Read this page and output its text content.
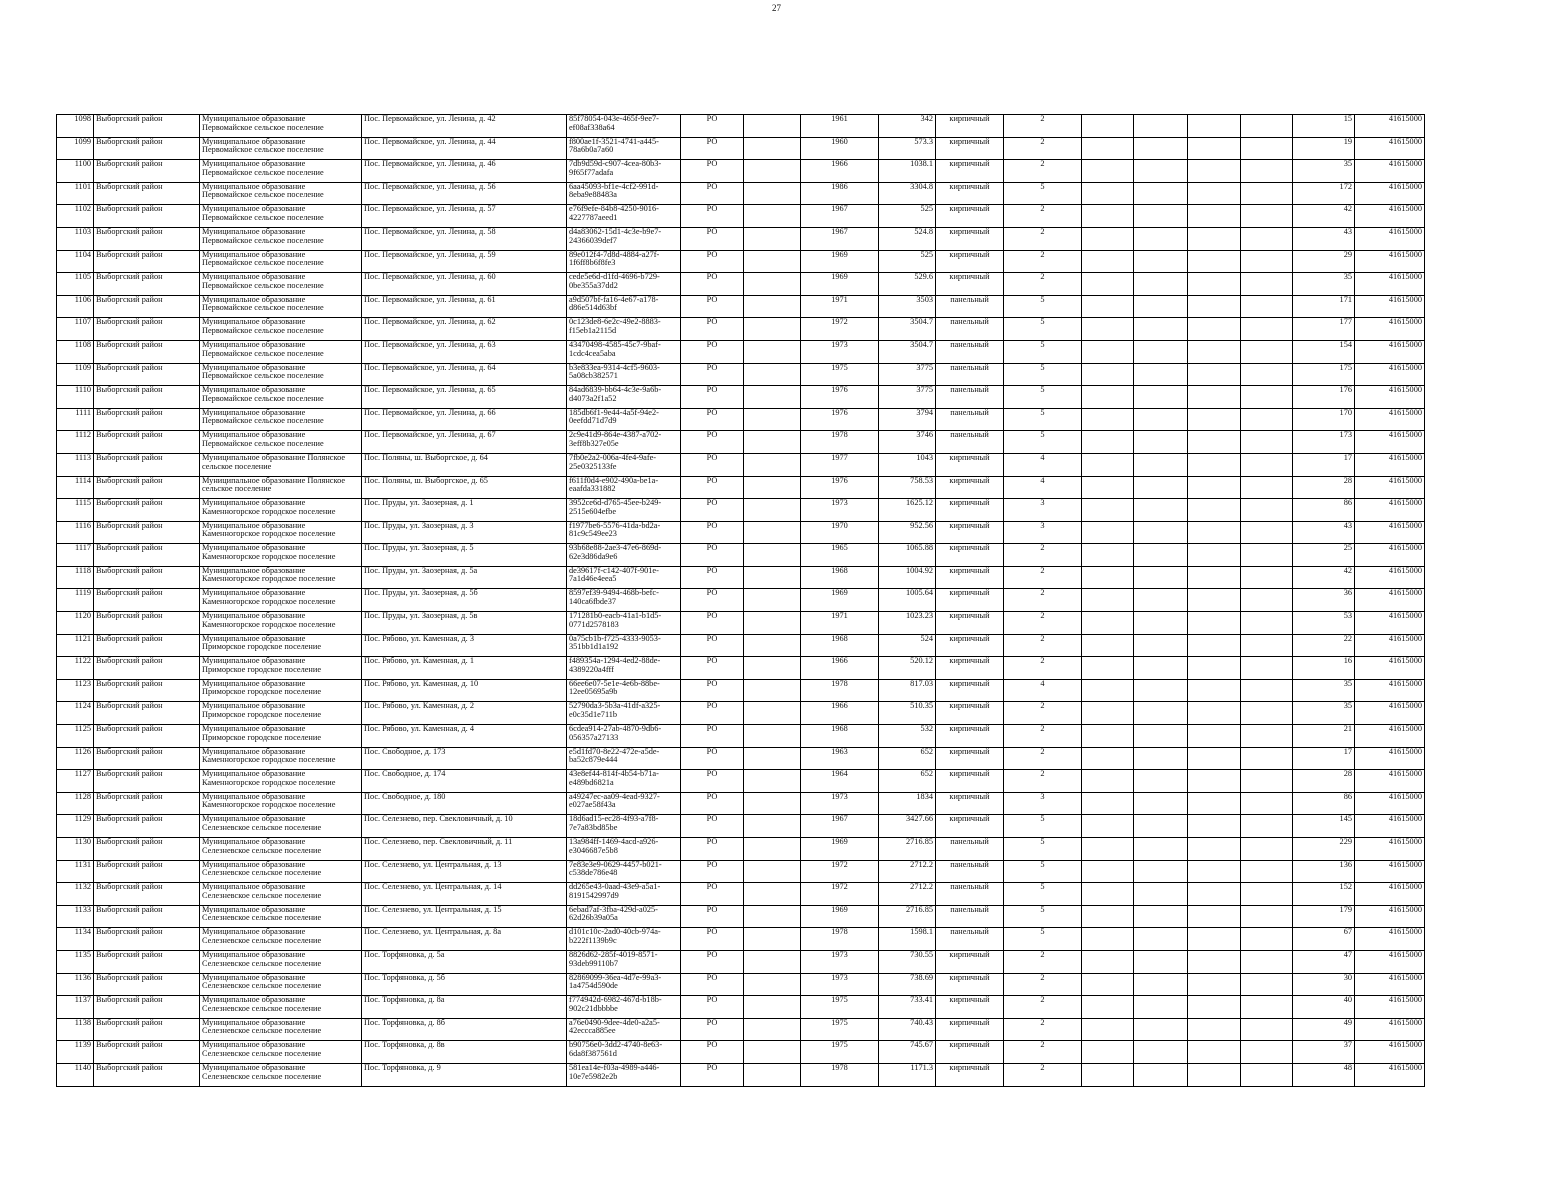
27
1098	Выборгский район	Муниципальное образование
Первомайское сельское поселение	Пос. Первомайское, ул. Ленина, д. 42	85f78054-043e-465f-9ee7-
ef08af338a64	РО		1961	342	кирпичный	2					15	41615000
1099	Выборгский район	Муниципальное образование
Первомайское сельское поселение	Пос. Первомайское, ул. Ленина, д. 44	f800ae1f-3521-4741-a445-
78a6b0a7a60	РО		1960	573.3	кирпичный	2					19	41615000
1100	Выборгский район	Муниципальное образование
Первомайское сельское поселение	Пос. Первомайское, ул. Ленина, д. 46	7db9d59d-c907-4cea-80b3-
9f65f77adafa	РО		1966	1038.1	кирпичный	2					35	41615000
1101	Выборгский район	Муниципальное образование
Первомайское сельское поселение	Пос. Первомайское, ул. Ленина, д. 56	6aa45093-bf1e-4cf2-991d-
8eba9e88483a	РО		1986	3304.8	кирпичный	5					172	41615000
1102	Выборгский район	Муниципальное образование
Первомайское сельское поселение	Пос. Первомайское, ул. Ленина, д. 57	e76f9efe-84b8-4250-9016-
4227787aeed1	РО		1967	525	кирпичный	2					42	41615000
1103	Выборгский район	Муниципальное образование
Первомайское сельское поселение	Пос. Первомайское, ул. Ленина, д. 58	d4a83062-15d1-4c3e-b9e7-
24366039def7	РО		1967	524.8	кирпичный	2					43	41615000
1104	Выборгский район	Муниципальное образование
Первомайское сельское поселение	Пос. Первомайское, ул. Ленина, д. 59	89e012f4-7d8d-4884-a27f-
1f6ff8b6f8fe3	РО		1969	525	кирпичный	2					29	41615000
1105	Выборгский район	Муниципальное образование
Первомайское сельское поселение	Пос. Первомайское, ул. Ленина, д. 60	cede5e6d-d1fd-4696-b729-
0be355a37dd2	РО		1969	529.6	кирпичный	2					35	41615000
1106	Выборгский район	Муниципальное образование
Первомайское сельское поселение	Пос. Первомайское, ул. Ленина, д. 61	a9d507bf-fa16-4e67-a178-
d86e514d63bf	РО		1971	3503	панельный	5					171	41615000
1107	Выборгский район	Муниципальное образование
Первомайское сельское поселение	Пос. Первомайское, ул. Ленина, д. 62	0c123de8-6e2c-49e2-8883-
f15eb1a2115d	РО		1972	3504.7	панельный	5					177	41615000
1108	Выборгский район	Муниципальное образование
Первомайское сельское поселение	Пос. Первомайское, ул. Ленина, д. 63	43470498-4585-45c7-9baf-
1cdc4cea5aba	РО		1973	3504.7	панельный	5					154	41615000
1109	Выборгский район	Муниципальное образование
Первомайское сельское поселение	Пос. Первомайское, ул. Ленина, д. 64	b3e833ea-9314-4cf5-9603-
5a08cb382571	РО		1975	3775	панельный	5					175	41615000
1110	Выборгский район	Муниципальное образование
Первомайское сельское поселение	Пос. Первомайское, ул. Ленина, д. 65	84ad6839-bb64-4c3e-9a6b-
d4073a2f1a52	РО		1976	3775	панельный	5					176	41615000
1111	Выборгский район	Муниципальное образование
Первомайское сельское поселение	Пос. Первомайское, ул. Ленина, д. 66	185db6f1-9e44-4a5f-94e2-
0eefdd71d7d9	РО		1976	3794	панельный	5					170	41615000
1112	Выборгский район	Муниципальное образование
Первомайское сельское поселение	Пос. Первомайское, ул. Ленина, д. 67	2c9e41d9-864e-4387-a702-
3eff8b327e05e	РО		1978	3746	панельный	5					173	41615000
1113	Выборгский район	Муниципальное образование Полянское
сельское поселение	Пос. Поляны, ш. Выборгское, д. 64	7fb0e2a2-006a-4fe4-9afe-
25e0325133fe	РО		1977	1043	кирпичный	4					17	41615000
1114	Выборгский район	Муниципальное образование Полянское
сельское поселение	Пос. Поляны, ш. Выборгское, д. 65	f611f0d4-e902-490a-be1a-
eaafda331882	РО		1976	758.53	кирпичный	4					28	41615000
1115	Выборгский район	Муниципальное образование
Каменногорское городское поселение	Пос. Пруды, ул. Заозерная, д. 1	3952ce6d-d765-45ee-b249-
2515e604efbe	РО		1973	1625.12	кирпичный	3					86	41615000
1116	Выборгский район	Муниципальное образование
Каменногорское городское поселение	Пос. Пруды, ул. Заозерная, д. 3	f1977be6-5576-41da-bd2a-
81c9c549ee23	РО		1970	952.56	кирпичный	3					43	41615000
1117	Выборгский район	Муниципальное образование
Каменногорское городское поселение	Пос. Пруды, ул. Заозерная, д. 5	93b68e88-2ae3-47e6-869d-
62e3d86da9e6	РО		1965	1065.88	кирпичный	2					25	41615000
1118	Выборгский район	Муниципальное образование
Каменногорское городское поселение	Пос. Пруды, ул. Заозерная, д. 5а	de39617f-c142-407f-901e-
7a1d46e4eea5	РО		1968	1004.92	кирпичный	2					42	41615000
1119	Выборгский район	Муниципальное образование
Каменногорское городское поселение	Пос. Пруды, ул. Заозерная, д. 5б	8597ef39-9494-468b-befc-
140ca6fbde37	РО		1969	1005.64	кирпичный	2					36	41615000
1120	Выборгский район	Муниципальное образование
Каменногорское городское поселение	Пос. Пруды, ул. Заозерная, д. 5в	171281b0-eacb-41a1-b1d5-
0771d2578183	РО		1971	1023.23	кирпичный	2					53	41615000
1121	Выборгский район	Муниципальное образование
Приморское городское поселение	Пос. Рябово, ул. Каменная, д. 3	0a75cb1b-f725-4333-9053-
351bb1d1a192	РО		1968	524	кирпичный	2					22	41615000
1122	Выборгский район	Муниципальное образование
Приморское городское поселение	Пос. Рябово, ул. Каменная, д. 1	f489354a-1294-4ed2-88de-
4389220a4fff	РО		1966	520.12	кирпичный	2					16	41615000
1123	Выборгский район	Муниципальное образование
Приморское городское поселение	Пос. Рябово, ул. Каменная, д. 10	66ee6e07-5e1e-4e6b-88be-
12ee05695a9b	РО		1978	817.03	кирпичный	4					35	41615000
1124	Выборгский район	Муниципальное образование
Приморское городское поселение	Пос. Рябово, ул. Каменная, д. 2	52790da3-5b3a-41df-a325-
e0c35d1e711b	РО		1966	510.35	кирпичный	2					35	41615000
1125	Выборгский район	Муниципальное образование
Приморское городское поселение	Пос. Рябово, ул. Каменная, д. 4	6cdea914-27ab-4870-9db6-
056357a27133	РО		1968	532	кирпичный	2					21	41615000
1126	Выборгский район	Муниципальное образование
Каменногорское городское поселение	Пос. Свободное, д. 173	e5d1fd70-8e22-472e-a5de-
ba52c879e444	РО		1963	652	кирпичный	2					17	41615000
1127	Выборгский район	Муниципальное образование
Каменногорское городское поселение	Пос. Свободное, д. 174	43e8ef44-814f-4b54-b71a-
e489bd6821a	РО		1964	652	кирпичный	2					28	41615000
1128	Выборгский район	Муниципальное образование
Каменногорское городское поселение	Пос. Свободное, д. 180	a49247ec-aa09-4ead-9327-
e027ae58f43a	РО		1973	1834	кирпичный	3					86	41615000
1129	Выборгский район	Муниципальное образование
Селезневское сельское поселение	Пос. Селезнево, пер. Свекловичный, д. 10	18d6ad15-ec28-4f93-a7f8-
7e7a83bd85be	РО		1967	3427.66	кирпичный	5					145	41615000
1130	Выборгский район	Муниципальное образование
Селезневское сельское поселение	Пос. Селезнево, пер. Свекловичный, д. 11	13a984ff-1469-4acd-a926-
e3046687e5b8	РО		1969	2716.85	панельный	5					229	41615000
1131	Выборгский район	Муниципальное образование
Селезневское сельское поселение	Пос. Селезнево, ул. Центральная, д. 13	7e83e3e9-0629-4457-b021-
c538de786e48	РО		1972	2712.2	панельный	5					136	41615000
1132	Выборгский район	Муниципальное образование
Селезневское сельское поселение	Пос. Селезнево, ул. Центральная, д. 14	dd265e43-0aad-43e9-a5a1-
8191542997d9	РО		1972	2712.2	панельный	5					152	41615000
1133	Выборгский район	Муниципальное образование
Селезневское сельское поселение	Пос. Селезнево, ул. Центральная, д. 15	6ebad7af-3fba-429d-a025-
62d26b39a05a	РО		1969	2716.85	панельный	5					179	41615000
1134	Выборгский район	Муниципальное образование
Селезневское сельское поселение	Пос. Селезнево, ул. Центральная, д. 8а	d101c10c-2ad0-40cb-974a-
b222f1139b9c	РО		1978	1598.1	панельный	5					67	41615000
1135	Выборгский район	Муниципальное образование
Селезневское сельское поселение	Пос. Торфяновка, д. 5а	8826d62-285f-4019-8571-
93deb99110b7	РО		1973	730.55	кирпичный	2					47	41615000
1136	Выборгский район	Муниципальное образование
Селезневское сельское поселение	Пос. Торфяновка, д. 5б	82869099-36ea-4d7e-99a3-
1a4754d590de	РО		1973	738.69	кирпичный	2					30	41615000
1137	Выборгский район	Муниципальное образование
Селезневское сельское поселение	Пос. Торфяновка, д. 8а	f774942d-6982-467d-b18b-
902c21dbbbbe	РО		1975	733.41	кирпичный	2					40	41615000
1138	Выборгский район	Муниципальное образование
Селезневское сельское поселение	Пос. Торфяновка, д. 8б	a76e0490-9dee-4de0-a2a5-
42eccca885ee	РО		1975	740.43	кирпичный	2					49	41615000
1139	Выборгский район	Муниципальное образование
Селезневское сельское поселение	Пос. Торфяновка, д. 8в	b90756e0-3dd2-4740-8e63-
6da8f387561d	РО		1975	745.67	кирпичный	2					37	41615000
1140	Выборгский район	Муниципальное образование
Селезневское сельское поселение	Пос. Торфяновка, д. 9	581ea14e-f03a-4989-a446-
10e7e5982e2b	РО		1978	1171.3	кирпичный	2					48	41615000
